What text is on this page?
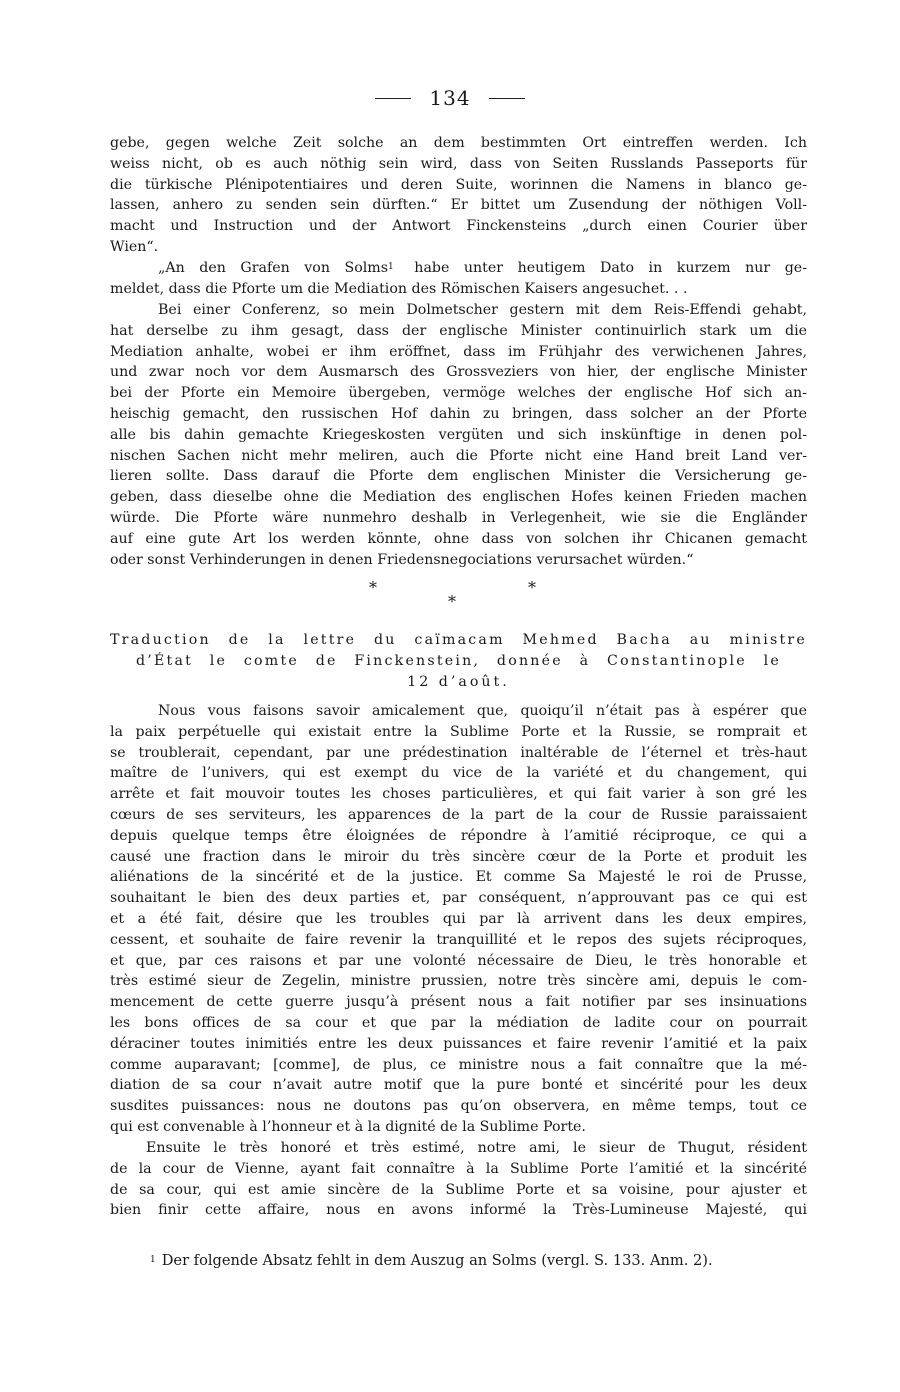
134
gebe, gegen welche Zeit solche an dem bestimmten Ort eintreffen werden. Ich
weiss nicht, ob es auch nöthig sein wird, dass von Seiten Russlands Passeports für
die türkische Plénipotentiaires und deren Suite, worinnen die Namens in blanco ge-
lassen, anhero zu senden sein dürften.“ Er bittet um Zusendung der nöthigen Voll-
macht und Instruction und der Antwort Finckensteins „durch einen Courier über
Wien“.
„An den Grafen von Solms$^1$ habe unter heutigem Dato in kurzem nur ge-
meldet, dass die Pforte um die Mediation des Römischen Kaisers angesuchet. . .
Bei einer Conferenz, so mein Dolmetscher gestern mit dem Reis-Effendi gehabt,
hat derselbe zu ihm gesagt, dass der englische Minister continuirlich stark um die
Mediation anhalte, wobei er ihm eröffnet, dass im Frühjahr des verwichenen Jahres,
und zwar noch vor dem Ausmarsch des Grossveziers von hier, der englische Minister
bei der Pforte ein Memoire übergeben, vermöge welches der englische Hof sich an-
heischig gemacht, den russischen Hof dahin zu bringen, dass solcher an der Pforte
alle bis dahin gemachte Kriegeskosten vergüten und sich inskünftige in denen pol-
nischen Sachen nicht mehr meliren, auch die Pforte nicht eine Hand breit Land ver-
lieren sollte. Dass darauf die Pforte dem englischen Minister die Versicherung ge-
geben, dass dieselbe ohne die Mediation des englischen Hofes keinen Frieden machen
würde. Die Pforte wäre nunmehro deshalb in Verlegenheit, wie sie die Engländer
auf eine gute Art los werden könnte, ohne dass von solchen ihr Chicanen gemacht
oder sonst Verhinderungen in denen Friedensnegociations verursachet würden.“
*	*
*
Traduction de la lettre du caïmacam Mehmed Bacha au ministre
d’État le comte de Finckenstein, donnée à Constantinople le
12 d’août.
Nous vous faisons savoir amicalement que, quoiqu’il n’était pas à espérer que
la paix perpétuelle qui existait entre la Sublime Porte et la Russie, se romprait et
se troublerait, cependant, par une prédestination inaltérable de l’éternel et très-haut
maître de l’univers, qui est exempt du vice de la variété et du changement, qui
arrête et fait mouvoir toutes les choses particulières, et qui fait varier à son gré les
cœurs de ses serviteurs, les apparences de la part de la cour de Russie paraissaient
depuis quelque temps être éloignées de répondre à l’amitié réciproque, ce qui a
causé une fraction dans le miroir du très sincère cœur de la Porte et produit les
aliénations de la sincérité et de la justice. Et comme Sa Majesté le roi de Prusse,
souhaitant le bien des deux parties et, par conséquent, n’approuvant pas ce qui est
et a été fait, désire que les troubles qui par là arrivent dans les deux empires,
cessent, et souhaite de faire revenir la tranquillité et le repos des sujets réciproques,
et que, par ces raisons et par une volonté nécessaire de Dieu, le très honorable et
très estimé sieur de Zegelin, ministre prussien, notre très sincère ami, depuis le com-
mencement de cette guerre jusqu’à présent nous a fait notifier par ses insinuations
les bons offices de sa cour et que par la médiation de ladite cour on pourrait
déraciner toutes inimitiés entre les deux puissances et faire revenir l’amitié et la paix
comme auparavant; [comme], de plus, ce ministre nous a fait connaître que la mé-
diation de sa cour n’avait autre motif que la pure bonté et sincérité pour les deux
susdites puissances: nous ne doutons pas qu’on observera, en même temps, tout ce
qui est convenable à l’honneur et à la dignité de la Sublime Porte.
Ensuite le très honoré et très estimé, notre ami, le sieur de Thugut, résident
de la cour de Vienne, ayant fait connaître à la Sublime Porte l’amitié et la sincérité
de sa cour, qui est amie sincère de la Sublime Porte et sa voisine, pour ajuster et
bien finir cette affaire, nous en avons informé la Très-Lumineuse Majesté, qui
$^1$ Der folgende Absatz fehlt in dem Auszug an Solms (vergl. S. 133. Anm. 2).
